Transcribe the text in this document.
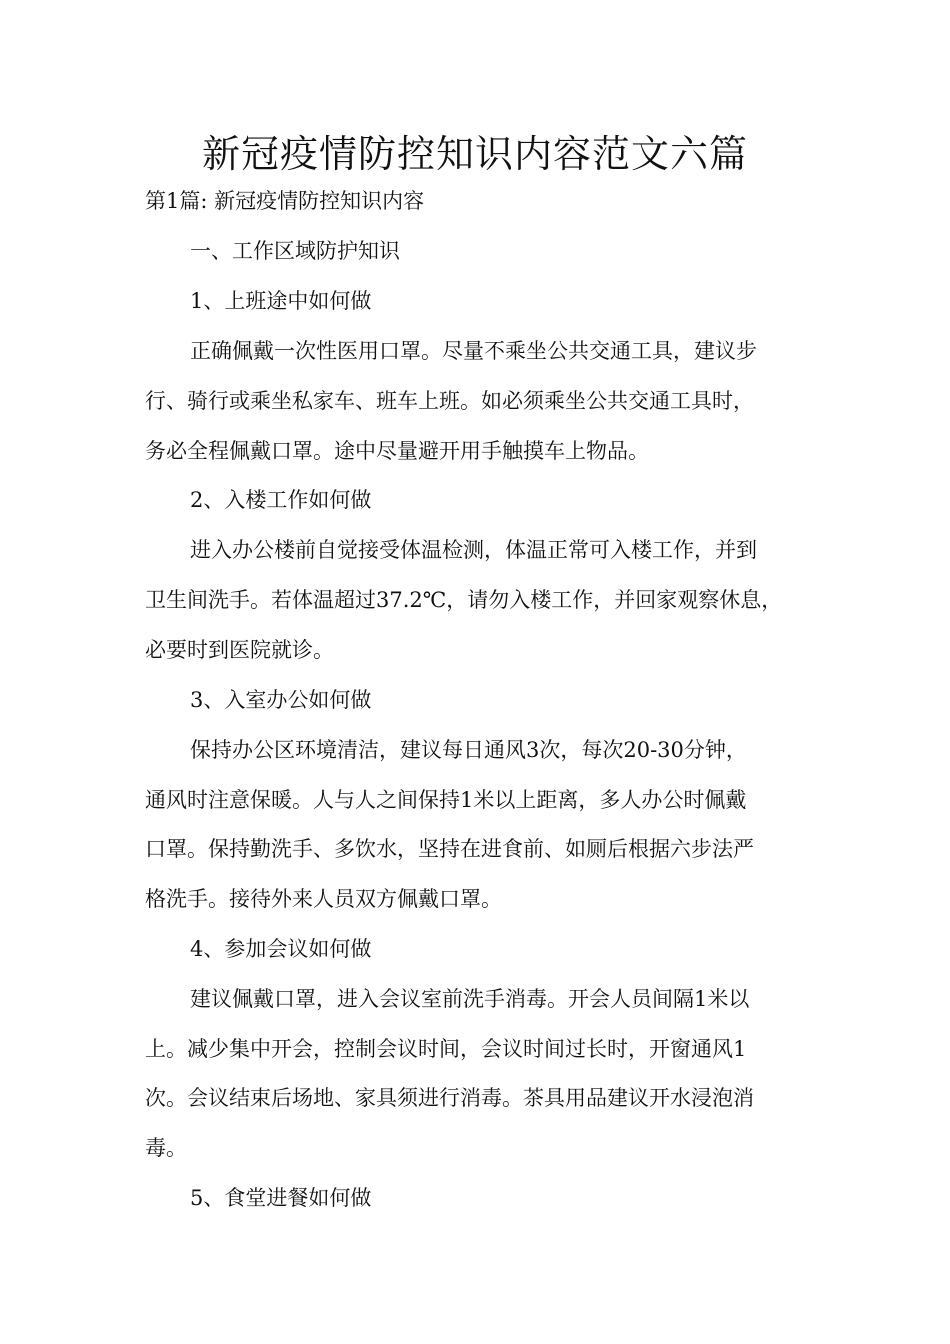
新冠疫情防控知识内容范文六篇

第1篇: 新冠疫情防控知识内容

一、工作区域防护知识

1、上班途中如何做

正确佩戴一次性医用口罩。尽量不乘坐公共交通工具，建议步

行、骑行或乘坐私家车、班车上班。如必须乘坐公共交通工具时，

务必全程佩戴口罩。途中尽量避开用手触摸车上物品。

2、入楼工作如何做

进入办公楼前自觉接受体温检测，体温正常可入楼工作，并到

卫生间洗手。若体温超过37.2℃，请勿入楼工作，并回家观察休息，

必要时到医院就诊。

3、入室办公如何做

保持办公区环境清洁，建议每日通风3次，每次20-30分钟，

通风时注意保暖。人与人之间保持1米以上距离，多人办公时佩戴

口罩。保持勤洗手、多饮水，坚持在进食前、如厕后根据六步法严

格洗手。接待外来人员双方佩戴口罩。

4、参加会议如何做

建议佩戴口罩，进入会议室前洗手消毒。开会人员间隔1米以

上。减少集中开会，控制会议时间，会议时间过长时，开窗通风1

次。会议结束后场地、家具须进行消毒。茶具用品建议开水浸泡消

毒。

5、食堂进餐如何做
